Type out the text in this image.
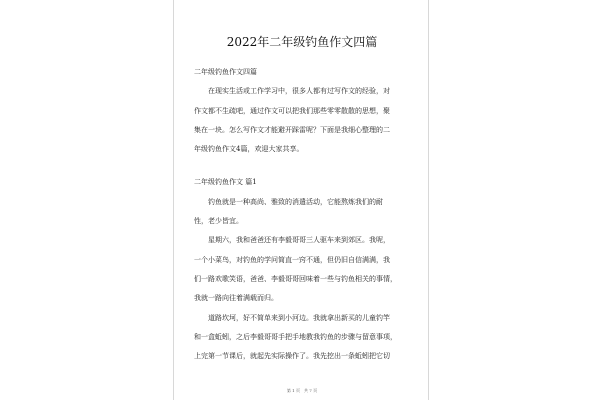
2022年二年级钓鱼作文四篇
二年级钓鱼作文四篇
　　在现实生活或工作学习中，很多人都有过写作文的经验，对
作文都不生疏吧，通过作文可以把我们那些零零散散的思想，聚
集在一块。怎么写作文才能避开踩雷呢？下面是我细心整理的二
年级钓鱼作文4篇，欢迎大家共享。
二年级钓鱼作文 篇1
　　钓鱼就是一种高尚、雅致的消遣活动，它能熬炼我们的耐
性，老少皆宜。
　　星期六，我和爸爸还有李毅哥哥三人驱车来到郊区。我呢，
一个小菜鸟，对钓鱼的学问简直一窍不通，但仍旧自信满满，我
们一路欢歌笑语，爸爸、李毅哥哥回味着一些与钓鱼相关的事情，
我就一路向往着满载而归。
　　道路坎坷，好不简单来到小河边。我就拿出新买的儿童钓竿
和一盒蚯蚓，之后李毅哥哥手把手地教我钓鱼的步骤与留意事项，
上完第一节课后，就起先实际操作了。我先挖出一条蚯蚓把它切
第 1 页　共 7 页
